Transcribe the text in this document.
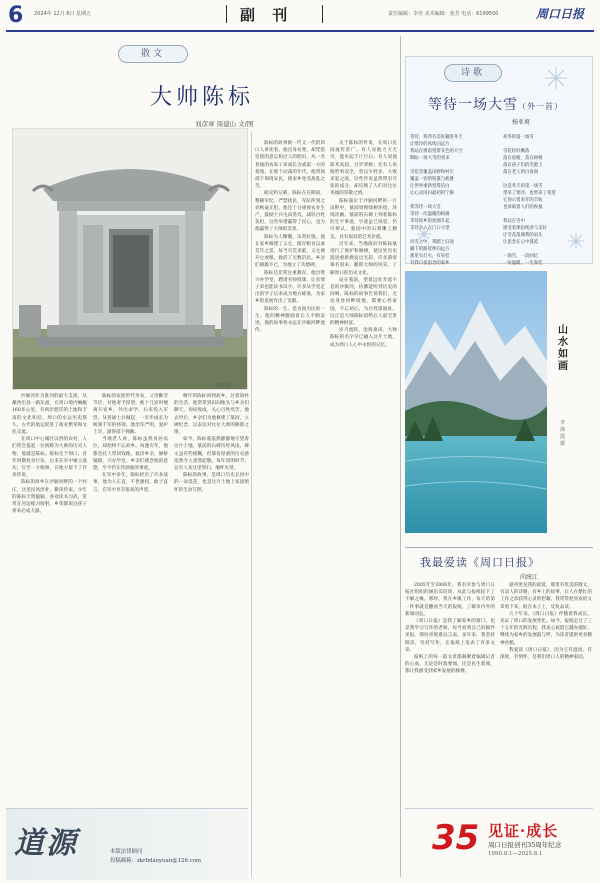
6 2024年 12月 6日 星期五	副 刊	责任编辑：李佳 美术编辑：张芳 电话：6199500	周口日报
散文
大帅陈标
刘彦章 周建山 文/图
陈标墓

沙颍河作为淮河的最大支流，从漯西出县一路东流，在周口境内蜿蜒160多公里，有两岸肥沃的土地和丰富的文化积淀。周口的水运历史悠久，古代的航运促进了商业繁荣和文化交流。

在周口中心城区以西的农村，人们常会提起一位被称为大帅的历史人物，他就是陈标。陈标生于周口，青年时期投身行伍，后来在军中屡立战功，官至一方统帅，在地方留下了许多传说。

陈标的故乡在沙颍河畔的一个村庄，这里民风淳朴，耕读传家。少年的陈标天资聪颖，喜欢读书习武，常常在河边练习骑射，乡邻都说这孩子将来必成大器。

陈标的家族世代务农，父母勤劳节俭，对他寄予厚望。他十几岁时便离开家乡，外出求学，后来投入军营，从普通士兵做起，一步步成长为统领千军的将领。他治军严明，爱护士卒，深得部下拥戴。

当地老人讲，陈标虽然身居高位，却始终不忘故乡。每逢灾年，他都会托人带回钱粮，救济乡亲，修桥铺路，兴办学堂。乡亲们感念他的恩德，至今仍在传颂他的事迹。

在军中多年，陈标经历了许多战事，他为人正直，不畏强权，敢于直言，在军中享有很高的声望。

晚年的陈标回到故乡，过着简朴的生活。他常常到田间地头与乡亲们聊天，询问收成，关心百姓疾苦。他去世后，乡亲们为他修建了墓园，立碑纪念，以表达对这位大帅的敬仰之情。

如今，陈标墓依然静静地守望着这片土地。墓前的石碑历经风雨，碑文虽有些模糊，但那份厚重的历史感依然令人肃然起敬。每年清明时节，总有人来这里祭扫，缅怀先贤。

陈标的故事，是周口历史长河中的一朵浪花，也是这片土地上家国情怀的生动写照。

陈标的故事被一代又一代的周口人讲述着。他出身贫寒，却凭借坚韧的意志和过人的胆识，从一名普通的农家子弟成长为威震一方的将领。在那个动荡的年代，他带领部下保境安民，使家乡免受战乱之苦。

据史料记载，陈标在任期间，整顿军纪，严禁扰民，军队所到之处秋毫无犯。他还十分重视农业生产，鼓励士兵屯田垦荒，减轻百姓负担。这些举措赢得了民心，也为他赢得了大帅的美誉。

陈标为人慷慨，乐善好施。他在家乡修建了义仓，储存粮食以备荒年之需。每当灾荒来临，义仓便开仓放粮，救活了无数饥民。乡亲们感激不已，为他立了功德碑。

陈标还非常注重教育，他出资兴办学堂，聘请名师授课，让贫寒子弟也能读书识字。许多从学堂走出的学子后来成为地方栋梁，为家乡的发展作出了贡献。

陈标的一生，是为国为民的一生。他的精神激励着后人不断奋进，他的故事将永远在沙颍河畔流传。

关于陈标的传说，在周口民间流传甚广。有人说他力大无穷，能举起千斤巨石；有人说他箭术高超，百步穿杨；还有人说他智勇双全，曾以少胜多，大败来犯之敌。这些传说虽然带有夸张的成分，却反映了人们对这位英雄的崇敬之情。

陈标墓位于沙颍河畔的一片田野中，墓园周围绿树环绕，环境清幽。墓前的石碑上刻着陈标的生平事迹，字迹虽已斑驳，仍可辨认。墓园中的石刻雕工精美，具有很高的艺术价值。

近年来，当地政府对陈标墓进行了保护和修缮，使这处历史遗迹重新焕发出光彩。许多游客慕名而来，瞻仰大帅的风采，了解周口的历史文化。

站在墓前，望着远处奔流不息的沙颍河，仿佛能听到历史的回响。陈标的故事告诉我们，无论身处何种境地，都要心怀家国，不忘初心，为百姓谋福祉。这正是大帅陈标留给后人最宝贵的精神财富。

岁月流转，沧海桑田，大帅陈标的名字早已融入这片土地，成为周口人心中永恒的记忆。

道源	本版法律顾问
投稿邮箱：zkrbdaoyuan@126.com
诗歌
等待一场大雪（外一首）
杨亚爽
等待，将所有美好藏进冬天
让寒冷的风吹向远方
我站在窗前望着灰色的天空
期盼一场大雪的到来

雪花会覆盖田野和村庄
覆盖一切的喧嚣与疲惫
让世界重新变得洁白
让心灵回归最初的宁静

我等待一场大雪
等待一次温暖的相遇
等待故乡的炊烟升起
等待亲人在门口守望

风雪之中，我踏上归途
脚下的路延伸向远方
那里有灯火，有牵挂
有我日夜思念的家乡
初冬的第一场雪

雪花轻轻飘落
落在屋檐，落在树梢
落在孩子们的笑脸上
落在老人的白发间

这是冬天的第一场雪
带来了寒冷，也带来了希望
它预示着来年的丰收
也承载着人们的祝福

我站在雪中
感受着那份纯净与美好
让雪花落满我的肩头
让思念在心中蔓延

一场雪，一段回忆
一份温暖，一生眷恋
山水如画
李海霞 摄
我最爱读《周口日报》
尚统江

2005年至2006年，我有幸参与周口日报社组织的通讯员培训，从此与报纸结下了不解之缘。那时，我在乡镇工作，每天的第一件事就是翻看当天的报纸，了解市内外的新闻动态。

《周口日报》是我了解家乡的窗口，也是我学习写作的老师。每当看到自己的稿件见报，那份喜悦难以言表。多年来，我坚持阅读，坚持写作，在报纸上发表了许多文章。

报纸上的每一篇文章都凝聚着编辑记者的心血，无论是时政要闻，还是民生新闻，都让我感受到家乡发展的脉搏。

副刊更是我的最爱，那里有优美的散文，有动人的诗歌，有乡土的故事，让人在繁忙的工作之余获得心灵的慰藉。我常常把喜欢的文章剪下来，贴在本子上，反复品读。

几十年来，《周口日报》伴随着我成长，见证了周口的发展变化。如今，报纸走过了三十五年的光辉历程，我衷心祝愿它越办越好，继续为家乡的发展鼓与呼，为读者提供更多精神食粮。

我爱读《周口日报》，因为它有温度、有深度、有情怀，是我们周口人的精神家园。

35 见证·成长
周口日报创刊35周年纪念
1990.8.1—2025.8.1
